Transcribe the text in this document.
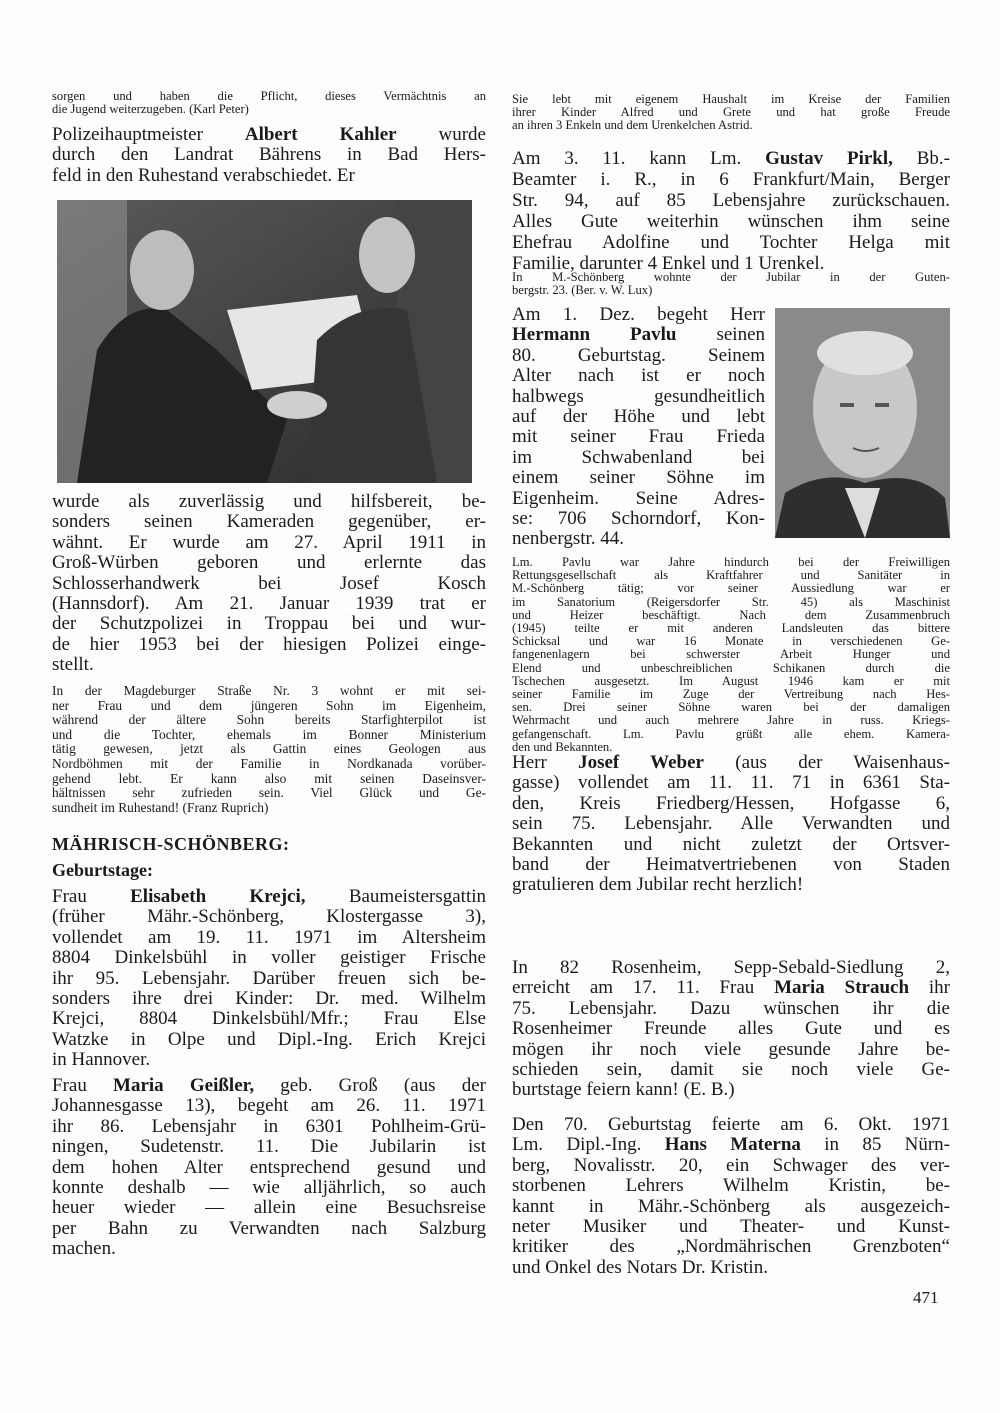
sorgen und haben die Pflicht, dieses Vermächtnis an
die Jugend weiterzugeben. (Karl Peter)
Polizeihauptmeister Albert Kahler wurde
durch den Landrat Bährens in Bad Hers-
feld in den Ruhestand verabschiedet. Er
wurde als zuverlässig und hilfsbereit, be-
sonders seinen Kameraden gegenüber, er-
wähnt. Er wurde am 27. April 1911 in
Groß-Würben geboren und erlernte das
Schlosserhandwerk bei Josef Kosch
(Hannsdorf). Am 21. Januar 1939 trat er
der Schutzpolizei in Troppau bei und wur-
de hier 1953 bei der hiesigen Polizei einge-
stellt.
In der Magdeburger Straße Nr. 3 wohnt er mit sei-
ner Frau und dem jüngeren Sohn im Eigenheim,
während der ältere Sohn bereits Starfighterpilot ist
und die Tochter, ehemals im Bonner Ministerium
tätig gewesen, jetzt als Gattin eines Geologen aus
Nordböhmen mit der Familie in Nordkanada vorüber-
gehend lebt. Er kann also mit seinen Daseinsver-
hältnissen sehr zufrieden sein. Viel Glück und Ge-
sundheit im Ruhestand! (Franz Ruprich)
MÄHRISCH-SCHÖNBERG:
Geburtstage:
Frau Elisabeth Krejci, Baumeistersgattin
(früher Mähr.-Schönberg, Klostergasse 3),
vollendet am 19. 11. 1971 im Altersheim
8804 Dinkelsbühl in voller geistiger Frische
ihr 95. Lebensjahr. Darüber freuen sich be-
sonders ihre drei Kinder: Dr. med. Wilhelm
Krejci, 8804 Dinkelsbühl/Mfr.; Frau Else
Watzke in Olpe und Dipl.-Ing. Erich Krejci
in Hannover.
Frau Maria Geißler, geb. Groß (aus der
Johannesgasse 13), begeht am 26. 11. 1971
ihr 86. Lebensjahr in 6301 Pohlheim-Grü-
ningen, Sudetenstr. 11. Die Jubilarin ist
dem hohen Alter entsprechend gesund und
konnte deshalb — wie alljährlich, so auch
heuer wieder — allein eine Besuchsreise
per Bahn zu Verwandten nach Salzburg
machen.
Sie lebt mit eigenem Haushalt im Kreise der Familien
ihrer Kinder Alfred und Grete und hat große Freude
an ihren 3 Enkeln und dem Urenkelchen Astrid.
Am 3. 11. kann Lm. Gustav Pirkl, Bb.-
Beamter i. R., in 6 Frankfurt/Main, Berger
Str. 94, auf 85 Lebensjahre zurückschauen.
Alles Gute weiterhin wünschen ihm seine
Ehefrau Adolfine und Tochter Helga mit
Familie, darunter 4 Enkel und 1 Urenkel.
In M.-Schönberg wohnte der Jubilar in der Guten-
bergstr. 23. (Ber. v. W. Lux)
Am 1. Dez. begeht Herr
Hermann Pavlu seinen
80. Geburtstag. Seinem
Alter nach ist er noch
halbwegs gesundheitlich
auf der Höhe und lebt
mit seiner Frau Frieda
im Schwabenland bei
einem seiner Söhne im
Eigenheim. Seine Adres-
se: 706 Schorndorf, Kon-
nenbergstr. 44.
Lm. Pavlu war Jahre hindurch bei der Freiwilligen
Rettungsgesellschaft als Kraftfahrer und Sanitäter in
M.-Schönberg tätig; vor seiner Aussiedlung war er
im Sanatorium (Reigersdorfer Str. 45) als Maschinist
und Heizer beschäftigt. Nach dem Zusammenbruch
(1945) teilte er mit anderen Landsleuten das bittere
Schicksal und war 16 Monate in verschiedenen Ge-
fangenenlagern bei schwerster Arbeit Hunger und
Elend und unbeschreiblichen Schikanen durch die
Tschechen ausgesetzt. Im August 1946 kam er mit
seiner Familie im Zuge der Vertreibung nach Hes-
sen. Drei seiner Söhne waren bei der damaligen
Wehrmacht und auch mehrere Jahre in russ. Kriegs-
gefangenschaft. Lm. Pavlu grüßt alle ehem. Kamera-
den und Bekannten.
Herr Josef Weber (aus der Waisenhaus-
gasse) vollendet am 11. 11. 71 in 6361 Sta-
den, Kreis Friedberg/Hessen, Hofgasse 6,
sein 75. Lebensjahr. Alle Verwandten und
Bekannten und nicht zuletzt der Ortsver-
band der Heimatvertriebenen von Staden
gratulieren dem Jubilar recht herzlich!
In 82 Rosenheim, Sepp-Sebald-Siedlung 2,
erreicht am 17. 11. Frau Maria Strauch ihr
75. Lebensjahr. Dazu wünschen ihr die
Rosenheimer Freunde alles Gute und es
mögen ihr noch viele gesunde Jahre be-
schieden sein, damit sie noch viele Ge-
burtstage feiern kann! (E. B.)
Den 70. Geburtstag feierte am 6. Okt. 1971
Lm. Dipl.-Ing. Hans Materna in 85 Nürn-
berg, Novalisstr. 20, ein Schwager des ver-
storbenen Lehrers Wilhelm Kristin, be-
kannt in Mähr.-Schönberg als ausgezeich-
neter Musiker und Theater- und Kunst-
kritiker des „Nordmährischen Grenzboten“
und Onkel des Notars Dr. Kristin.
471
